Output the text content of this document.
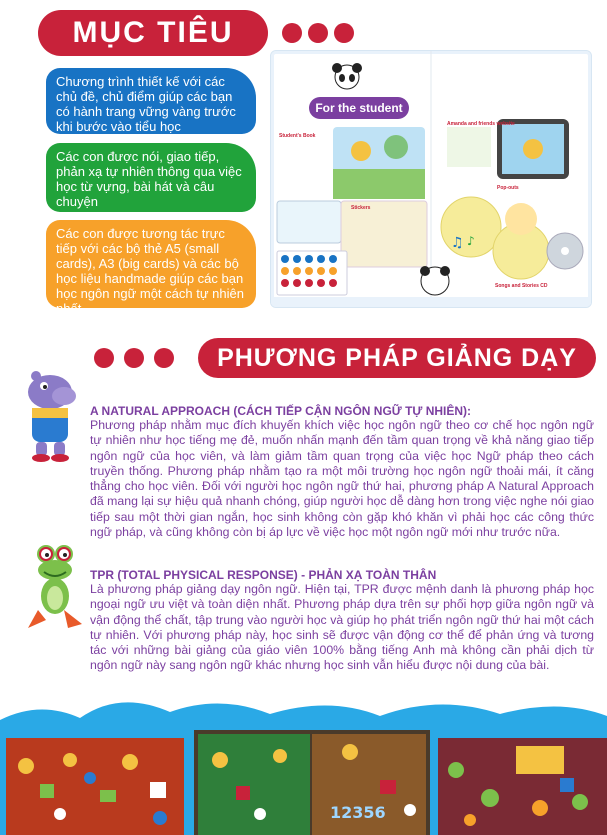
MỤC TIÊU
Chương trình thiết kế với các chủ đề, chủ điểm giúp các bạn có hành trang vững vàng trước khi bước vào tiểu học
Các con được nói, giao tiếp, phản xạ tự nhiên thông qua việc học từ vựng, bài hát và câu chuyện
Các con được tương tác trực tiếp với các bộ thẻ A5 (small cards), A3 (big cards) và các bộ học liệu handmade giúp các bạn học ngôn ngữ một cách tự nhiên nhất.
♫ ♪
For the student
Student's Book
Stickers
Amanda and friends website
Pop-outs
Songs and Stories CD
PHƯƠNG PHÁP GIẢNG DẠY
A NATURAL APPROACH (CÁCH TIẾP CẬN NGÔN NGỮ TỰ NHIÊN):
Phương pháp nhằm mục đích khuyến khích việc học ngôn ngữ theo cơ chế học ngôn ngữ tự nhiên như học tiếng mẹ đẻ, muốn nhấn mạnh đến tầm quan trọng về khả năng giao tiếp ngôn ngữ của học viên, và làm giảm tầm quan trọng của việc học Ngữ pháp theo cách truyền thống. Phương pháp nhằm tạo ra một môi trường học ngôn ngữ thoải mái, ít căng thẳng cho học viên. Đối với người học ngôn ngữ thứ hai, phương pháp A Natural Approach đã mang lại sự hiệu quả nhanh chóng, giúp người học dễ dàng hơn trong việc nghe nói giao tiếp sau một thời gian ngắn, học sinh không còn gặp khó khăn vì phải học các công thức ngữ pháp, và cũng không còn bị áp lực về việc học một ngôn ngữ mới như trước nữa.
TPR (TOTAL PHYSICAL RESPONSE) - PHẢN XẠ TOÀN THÂN
Là phương pháp giảng dạy ngôn ngữ. Hiện tại, TPR được mệnh danh là phương pháp học ngoại ngữ ưu việt và toàn diện nhất. Phương pháp dựa trên sự phối hợp giữa ngôn ngữ và vận động thể chất, tập trung vào người học và giúp họ phát triển ngôn ngữ thứ hai một cách tự nhiên. Với phương pháp này, học sinh sẽ được vận động cơ thể để phản ứng và tương tác với những bài giảng của giáo viên 100% bằng tiếng Anh mà không cần phải dịch từ ngôn ngữ này sang ngôn ngữ khác nhưng học sinh vẫn hiểu được nội dung của bài.
12356
